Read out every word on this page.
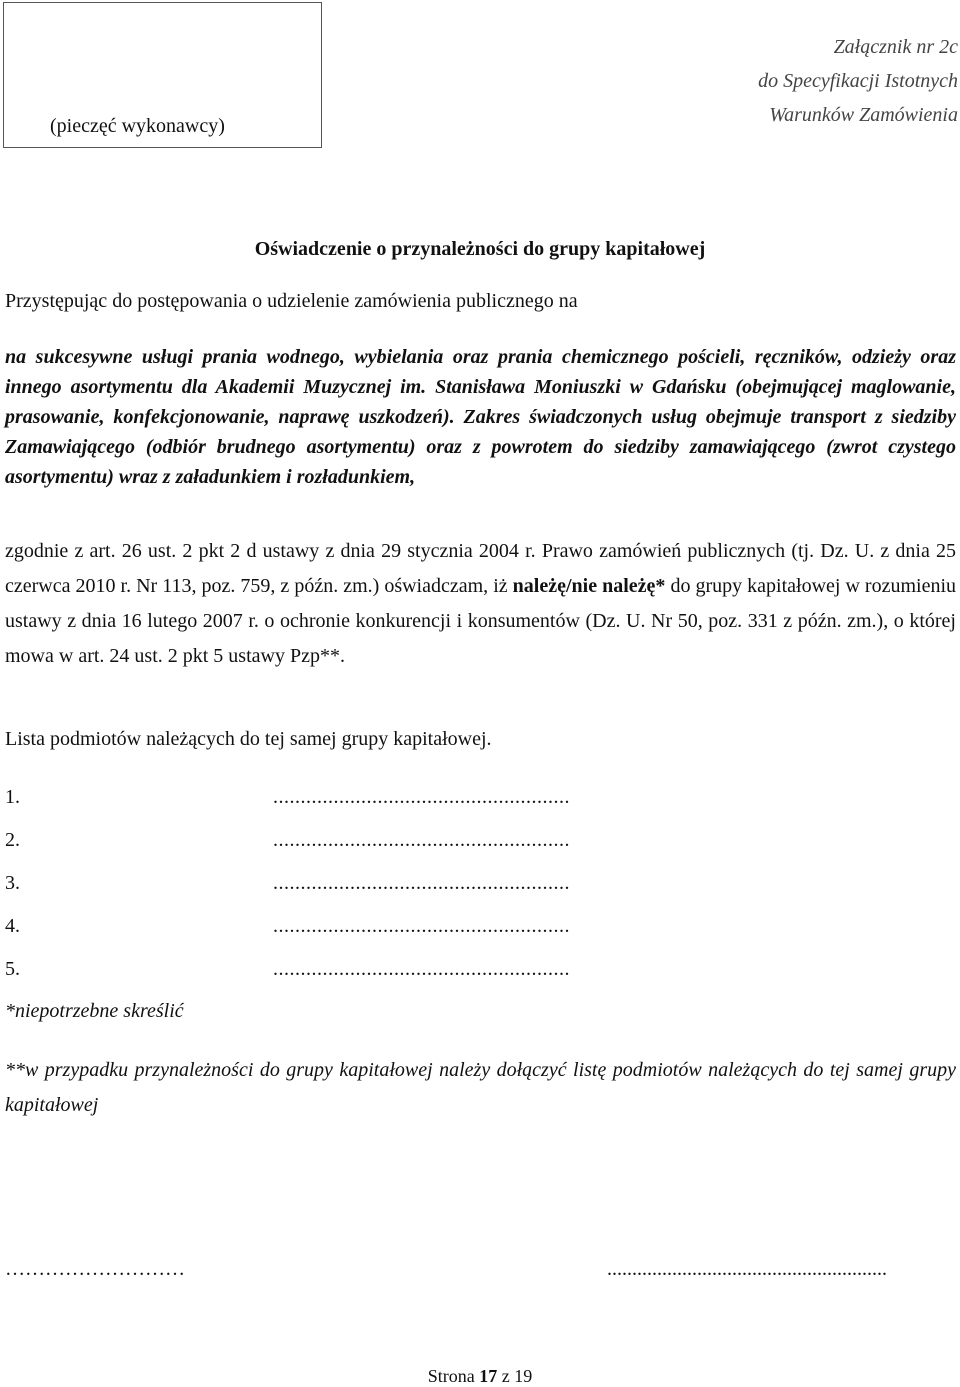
(pieczęć wykonawcy)
Załącznik nr 2c
do Specyfikacji Istotnych
Warunków Zamówienia
Oświadczenie o przynależności do grupy kapitałowej
Przystępując do postępowania o udzielenie zamówienia publicznego na
na sukcesywne usługi prania wodnego, wybielania oraz prania chemicznego pościeli, ręczników, odzieży oraz innego asortymentu dla Akademii Muzycznej im. Stanisława Moniuszki w Gdańsku (obejmującej maglowanie, prasowanie, konfekcjonowanie, naprawę uszkodzeń). Zakres świadczonych usług obejmuje transport z siedziby Zamawiającego (odbiór brudnego asortymentu) oraz z powrotem do siedziby zamawiającego (zwrot czystego asortymentu) wraz z załadunkiem i rozładunkiem,
zgodnie z art. 26 ust. 2 pkt 2 d ustawy z dnia 29 stycznia 2004 r. Prawo zamówień publicznych (tj. Dz. U. z dnia 25 czerwca 2010 r. Nr 113, poz. 759, z późn. zm.) oświadczam, iż należę/nie należę* do grupy kapitałowej w rozumieniu ustawy z dnia 16 lutego 2007 r. o ochronie konkurencji i konsumentów (Dz. U. Nr 50, poz. 331 z późn. zm.), o której mowa w art. 24 ust. 2 pkt 5 ustawy Pzp**.
Lista podmiotów należących do tej samej grupy kapitałowej.
1.	......................................................
2.	......................................................
3.	......................................................
4.	......................................................
5.	......................................................
*niepotrzebne skreślić
**w przypadku przynależności do grupy kapitałowej należy dołączyć listę podmiotów należących do tej samej grupy kapitałowej
………………………	........................................................
Strona 17 z 19
